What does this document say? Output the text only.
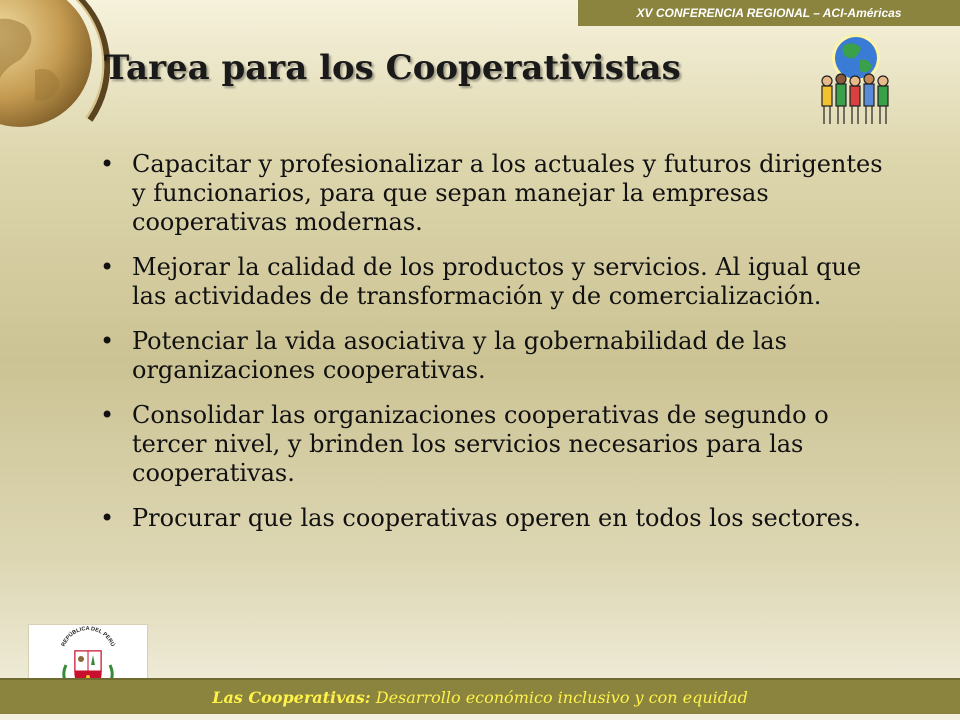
XV CONFERENCIA REGIONAL – ACI-Américas
Tarea para los Cooperativistas
• Capacitar y profesionalizar a los actuales y futuros dirigentes y funcionarios, para que sepan manejar la empresas cooperativas modernas.
• Mejorar la calidad de los productos y servicios. Al igual que las actividades de transformación y de comercialización.
• Potenciar la vida asociativa y la gobernabilidad de las organizaciones cooperativas.
• Consolidar las organizaciones cooperativas de segundo o tercer nivel, y brinden los servicios necesarios para las cooperativas.
• Procurar que las cooperativas operen en todos los sectores.
REPÚBLICA DEL PERÚ
Las Cooperativas: Desarrollo económico inclusivo y con equidad
